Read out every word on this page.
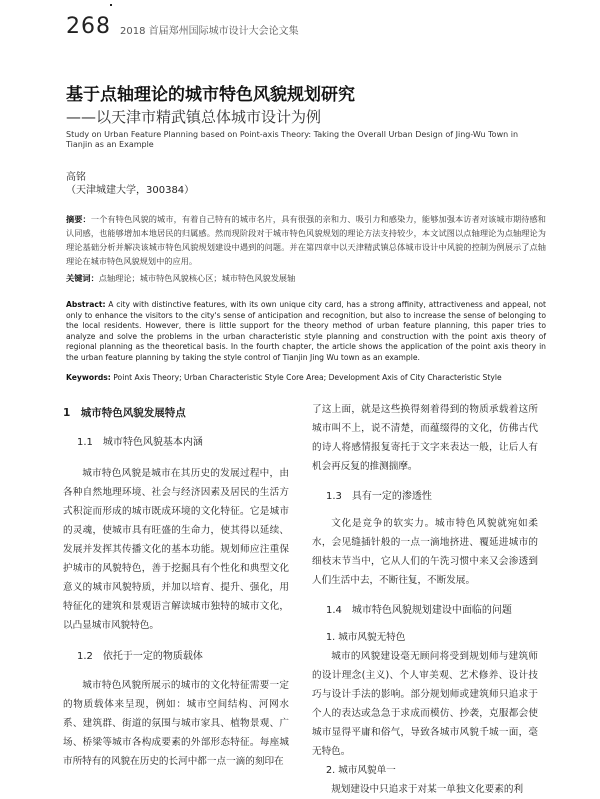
268 2018 首届郑州国际城市设计大会论文集
基于点轴理论的城市特色风貌规划研究
——以天津市精武镇总体城市设计为例
Study on Urban Feature Planning based on Point-axis Theory: Taking the Overall Urban Design of Jing-Wu Town in Tianjin as an Example
高铭
（天津城建大学，300384）
摘要：一个有特色风貌的城市，有着自己特有的城市名片，具有很强的亲和力、吸引力和感染力，能够加强本访者对该城市期待感和认同感，也能够增加本地居民的归属感。然而现阶段对于城市特色风貌规划的理论方法支持较少，本文试图以点轴理论为点轴理论为理论基础分析并解决该城市特色风貌规划建设中遇到的问题。并在第四章中以天津精武镇总体城市设计中风貌的控制为例展示了点轴理论在城市特色风貌规划中的应用。
关键词：点轴理论；城市特色风貌核心区；城市特色风貌发展轴
Abstract: A city with distinctive features, with its own unique city card, has a strong affinity, attractiveness and appeal, not only to enhance the visitors to the city's sense of anticipation and recognition, but also to increase the sense of belonging to the local residents. However, there is little support for the theory method of urban feature planning, this paper tries to analyze and solve the problems in the urban characteristic style planning and construction with the point axis theory of regional planning as the theoretical basis. In the fourth chapter, the article shows the application of the point axis theory in the urban feature planning by taking the style control of Tianjin Jing Wu town as an example.
Keywords: Point Axis Theory; Urban Characteristic Style Core Area; Development Axis of City Characteristic Style

1　城市特色风貌发展特点

1.1　城市特色风貌基本内涵

城市特色风貌是城市在其历史的发展过程中，由各种自然地理环境、社会与经济因素及居民的生活方式积淀而形成的城市既成环境的文化特征。它是城市的灵魂，使城市具有旺盛的生命力，使其得以延续、发展并发挥其传播文化的基本功能。规划师应注重保护城市的风貌特色，善于挖掘具有个性化和典型文化意义的城市风貌特质，并加以培育、提升、强化，用特征化的建筑和景观语言解读城市独特的城市文化，以凸显城市风貌特色。

1.2　依托于一定的物质载体

城市特色风貌所展示的城市的文化特征需要一定的物质载体来呈现，例如：城市空间结构、河网水系、建筑群、街道的氛围与城市家具、植物景观、广场、桥梁等城市各构成要素的外部形态特征。每座城市所特有的风貌在历史的长河中都一点一滴的刻印在

了这上面，就是这些换得刻着得到的物质承载着这所城市叫不上，说不清楚，而蕴缀得的文化，仿佛古代的诗人将感情报复寄托于文字来表达一般，让后人有机会再反复的推测揣摩。

1.3　具有一定的渗透性

文化是竞争的软实力。城市特色风貌就宛如柔水，会见缝插针般的一点一滴地挤进、覆延进城市的细枝末节当中，它从人们的午洗习惯中来又会渗透到人们生活中去，不断往复，不断发展。

1.4　城市特色风貌规划建设中面临的问题

1. 城市风貌无特色

城市的风貌建设毫无顾问将受到规划师与建筑师的设计理念(主义)、个人审美观、艺术修养、设计技巧与设计手法的影响。部分规划师或建筑师只追求于个人的表达或急急于求成而模仿、抄袭，克服都会使城市显得平庸和俗气，导致各城市风貌千城一面，毫无特色。

2. 城市风貌单一

规划建设中只追求于对某一单独文化要素的利
